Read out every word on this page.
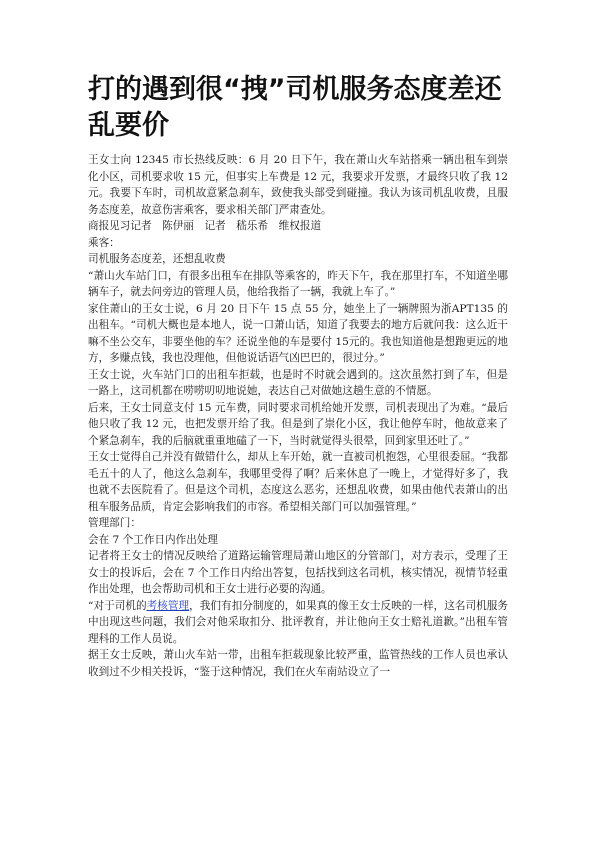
打的遇到很“拽”司机服务态度差还乱要价

王女士向 12345 市长热线反映：6 月 20 日下午，我在萧山火车站搭乘一辆出租车到崇化小区，司机要求收 15 元，但事实上车费是 12 元，我要求开发票，才最终只收了我 12 元。我要下车时，司机故意紧急刹车，致使我头部受到碰撞。我认为该司机乱收费，且服务态度差，故意伤害乘客，要求相关部门严肃查处。

商报见习记者　陈伊丽　记者　嵇乐希　维权报道

乘客：

司机服务态度差，还想乱收费

“萧山火车站门口，有很多出租车在排队等乘客的，昨天下午，我在那里打车，不知道坐哪辆车子，就去问旁边的管理人员，他给我指了一辆，我就上车了。”

家住萧山的王女士说，6 月 20 日下午 15 点 55 分，她坐上了一辆牌照为浙APT135 的出租车。“司机大概也是本地人，说一口萧山话，知道了我要去的地方后就问我：这么近干嘛不坐公交车，非要坐他的车？还说坐他的车是要付 15元的。我也知道他是想跑更远的地方，多赚点钱，我也没理他，但他说话语气凶巴巴的，很过分。”

王女士说，火车站门口的出租车拒载，也是时不时就会遇到的。这次虽然打到了车，但是一路上，这司机都在唠唠叨叨地说她，表达自己对做她这趟生意的不情愿。

后来，王女士同意支付 15 元车费，同时要求司机给她开发票，司机表现出了为难。“最后他只收了我 12 元，也把发票开给了我。但是到了崇化小区，我让他停车时，他故意来了个紧急刹车，我的后脑就重重地磕了一下，当时就觉得头很晕，回到家里还吐了。”

王女士觉得自己并没有做错什么，却从上车开始，就一直被司机抱怨，心里很委屈。“我都毛五十的人了，他这么急刹车，我哪里受得了啊？后来休息了一晚上，才觉得好多了，我也就不去医院看了。但是这个司机，态度这么恶劣，还想乱收费，如果由他代表萧山的出租车服务品质，肯定会影响我们的市容。希望相关部门可以加强管理。”

管理部门：

会在 7 个工作日内作出处理

记者将王女士的情况反映给了道路运输管理局萧山地区的分管部门，对方表示，受理了王女士的投诉后，会在 7 个工作日内给出答复，包括找到这名司机，核实情况，视情节轻重作出处理，也会帮助司机和王女士进行必要的沟通。

“对于司机的考核管理，我们有扣分制度的，如果真的像王女士反映的一样，这名司机服务中出现这些问题，我们会对他采取扣分、批评教育，并让他向王女士赔礼道歉。”出租车管理科的工作人员说。

据王女士反映，萧山火车站一带，出租车拒载现象比较严重，监管热线的工作人员也承认收到过不少相关投诉，“鉴于这种情况，我们在火车南站设立了一
